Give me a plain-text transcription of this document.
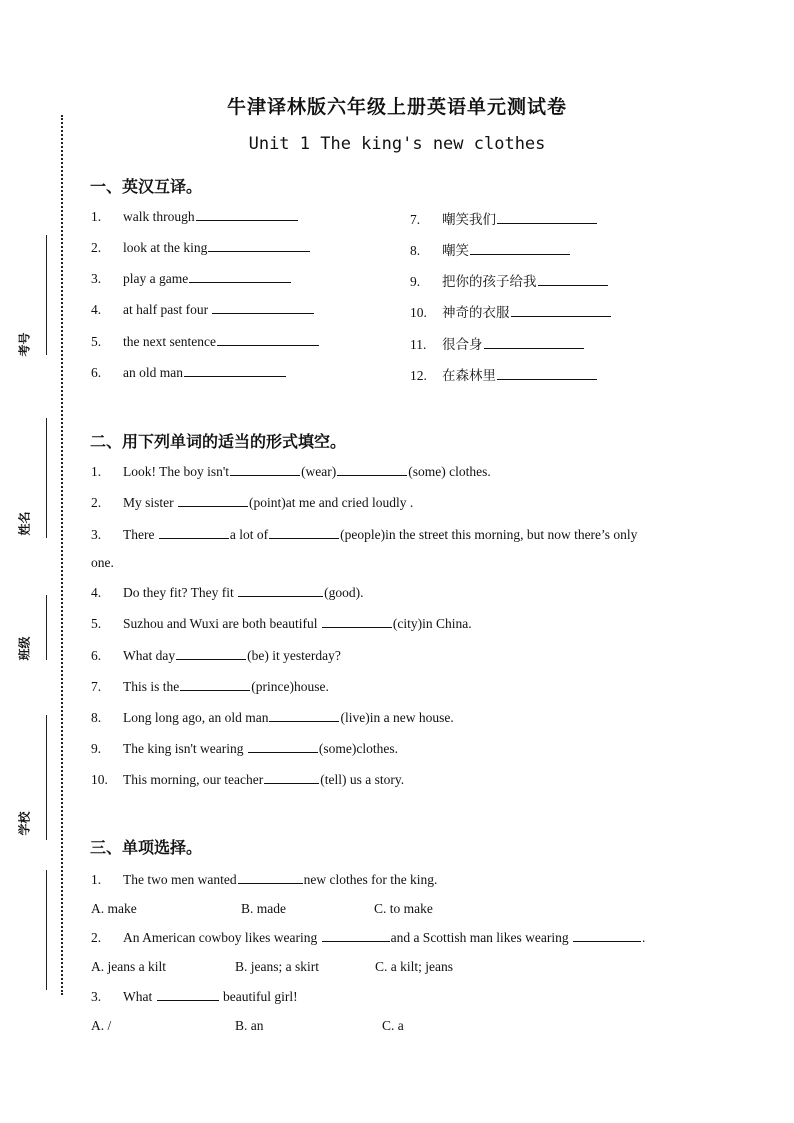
牛津译林版六年级上册英语单元测试卷
Unit 1 The king's new clothes
考号
姓名
班级
学校
一、英汉互译。
1. walk through
2. look at the king
3. play a game
4. at half past four
5. the next sentence
6. an old man
7. 嘲笑我们
8. 嘲笑
9. 把你的孩子给我
10. 神奇的衣服
11. 很合身
12. 在森林里
二、用下列单词的适当的形式填空。
1. Look! The boy isn't	(wear)	(some) clothes.
2. My sister	(point)at me and cried loudly .
3. There	a lot of	(people)in the street this morning, but now there’s only
one.
4. Do they fit? They fit	(good).
5. Suzhou and Wuxi are both beautiful	(city)in China.
6. What day	(be) it yesterday?
7. This is the	(prince)house.
8. Long long ago, an old man	(live)in a new house.
9. The king isn't wearing	(some)clothes.
10. This morning, our teacher	(tell) us a story.
三、单项选择。
1. The two men wanted	new clothes for the king.
A. make	B. made	C. to make
2. An American cowboy likes wearing	and a Scottish man likes wearing	.
A. jeans a kilt	B. jeans; a skirt	C. a kilt; jeans
3. What	beautiful girl!
A. /	B. an	C. a
